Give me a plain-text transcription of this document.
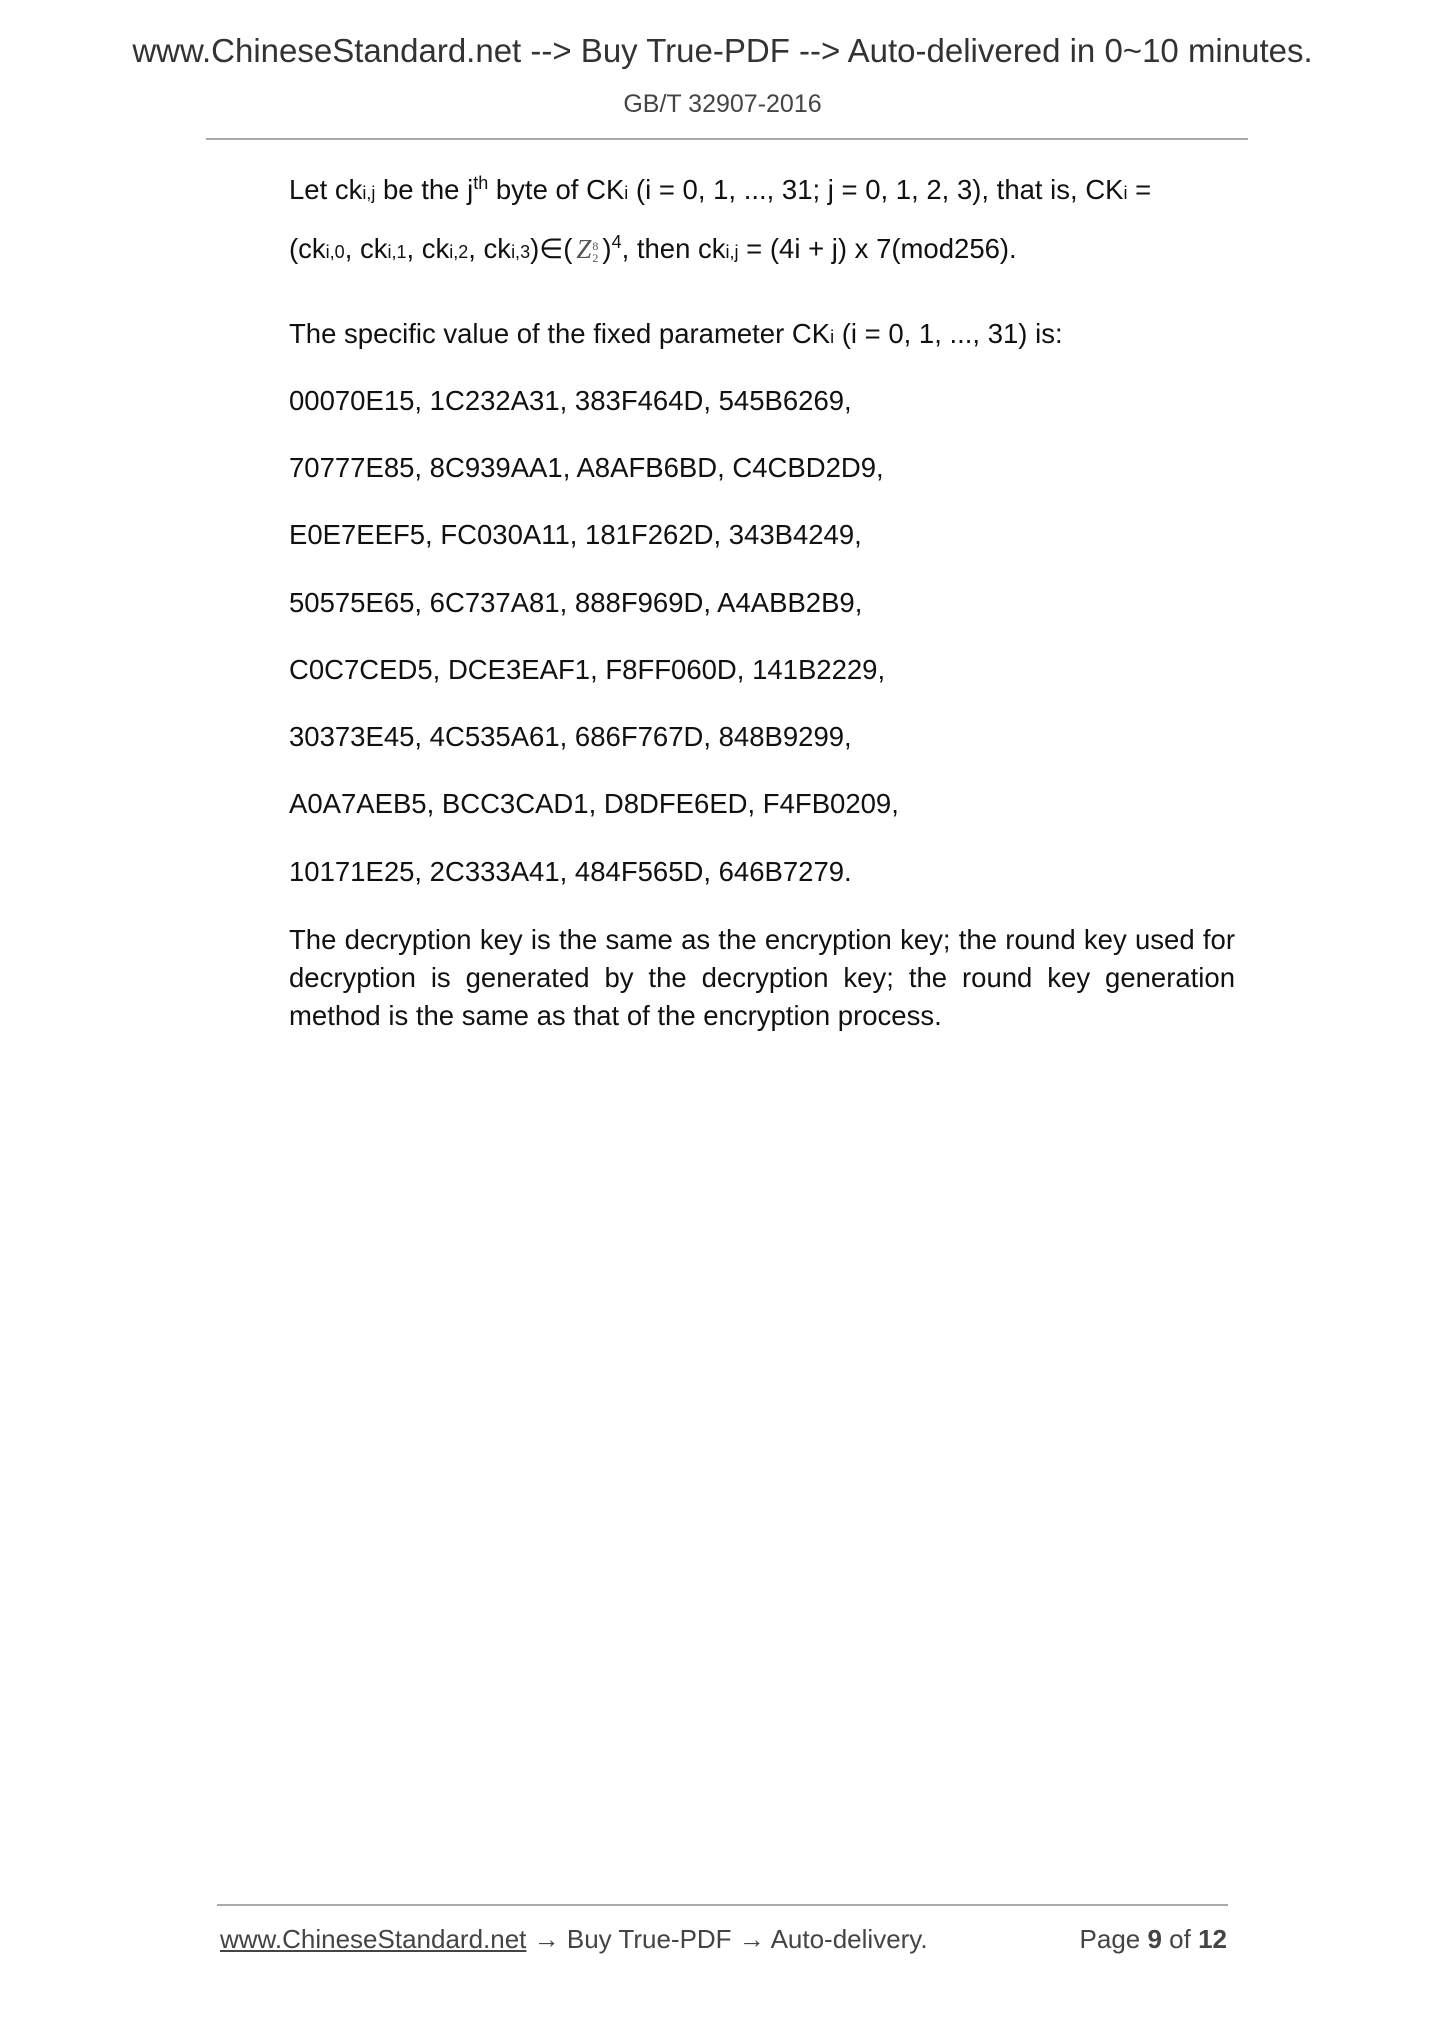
www.ChineseStandard.net --> Buy True-PDF --> Auto-delivered in 0~10 minutes.
GB/T 32907-2016
Let cki,j be the $j^{th}$ byte of CKi (i = 0, 1, ..., 31; j = 0, 1, 2, 3), that is, CKi =
(cki,0, cki,1, cki,2, cki,3)∈( Z 8
2 )$^4$, then cki,j = (4i + j) x 7(mod256).
The specific value of the fixed parameter CKi (i = 0, 1, ..., 31) is:
00070E15, 1C232A31, 383F464D, 545B6269,
70777E85, 8C939AA1, A8AFB6BD, C4CBD2D9,
E0E7EEF5, FC030A11, 181F262D, 343B4249,
50575E65, 6C737A81, 888F969D, A4ABB2B9,
C0C7CED5, DCE3EAF1, F8FF060D, 141B2229,
30373E45, 4C535A61, 686F767D, 848B9299,
A0A7AEB5, BCC3CAD1, D8DFE6ED, F4FB0209,
10171E25, 2C333A41, 484F565D, 646B7279.
The decryption key is the same as the encryption key; the round key used for decryption is generated by the decryption key; the round key generation method is the same as that of the encryption process.
www.ChineseStandard.net → Buy True-PDF → Auto-delivery.	Page 9 of 12
